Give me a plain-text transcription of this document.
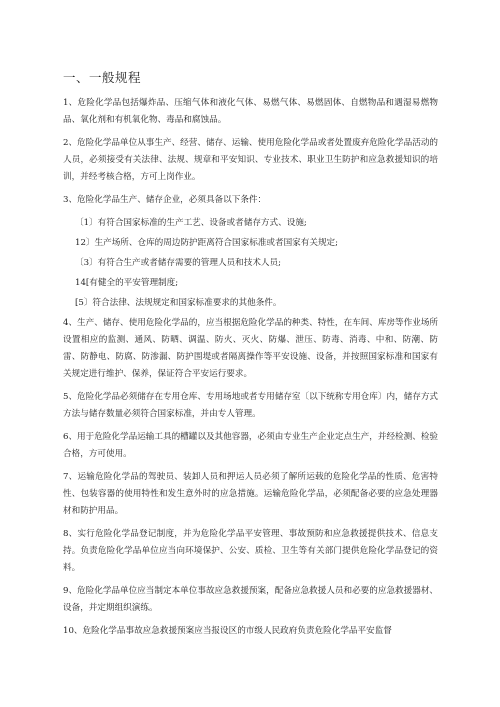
一、一般规程

1、危险化学品包括爆炸品、压缩气体和液化气体、易燃气体、易燃固体、自燃物品和遇湿易燃物品、氧化剂和有机氧化物、毒品和腐蚀品。

2、危险化学品单位从事生产、经营、储存、运输、使用危险化学品或者处置废弃危险化学品活动的人员，必须接受有关法律、法规、规章和平安知识、专业技术、职业卫生防护和应急救援知识的培训，并经考核合格，方可上岗作业。

3、危险化学品生产、储存企业，必须具备以下条件：

〔1〕有符合国家标准的生产工艺、设备或者储存方式、设施;

12〕生产场所、仓库的周边防护距离符合国家标准或者国家有关规定;

〔3〕有符合生产或者储存需要的管理人员和技术人员;

14[有健全的平安管理制度;

[5〕符合法律、法规规定和国家标准要求的其他条件。

4、生产、储存、使用危险化学品的，应当根据危险化学品的种类、特性，在车间、库房等作业场所设置相应的监测、通风、防晒、调温、防火、灭火、防爆、泄压、防毒、消毒、中和、防潮、防雷、防静电、防腐、防渗漏、防护围堤或者隔离操作等平安设施、设备，并按照国家标准和国家有关规定进行维护、保养，保证符合平安运行要求。

5、危险化学品必须储存在专用仓库、专用场地或者专用储存室〔以下统称专用仓库〕内，储存方式方法与储存数量必须符合国家标准，并由专人管理。

6、用于危险化学品运输工具的槽罐以及其他容器，必须由专业生产企业定点生产，并经检测、检验合格，方可使用。

7、运输危险化学品的驾驶员、装卸人员和押运人员必须了解所运载的危险化学品的性质、危害特性、包装容器的使用特性和发生意外时的应急措施。运输危险化学品，必须配备必要的应急处理器材和防护用品。

8、实行危险化学品登记制度，并为危险化学品平安管理、事故预防和应急救援提供技术、信息支持。负责危险化学品单位应当向环境保护、公安、质检、卫生等有关部门提供危险化学品登记的资料。

9、危险化学品单位应当制定本单位事故应急救援预案，配备应急救援人员和必要的应急救援器材、设备，并定期组织演练。

10、危险化学品事故应急救援预案应当报设区的市级人民政府负责危险化学品平安监督
